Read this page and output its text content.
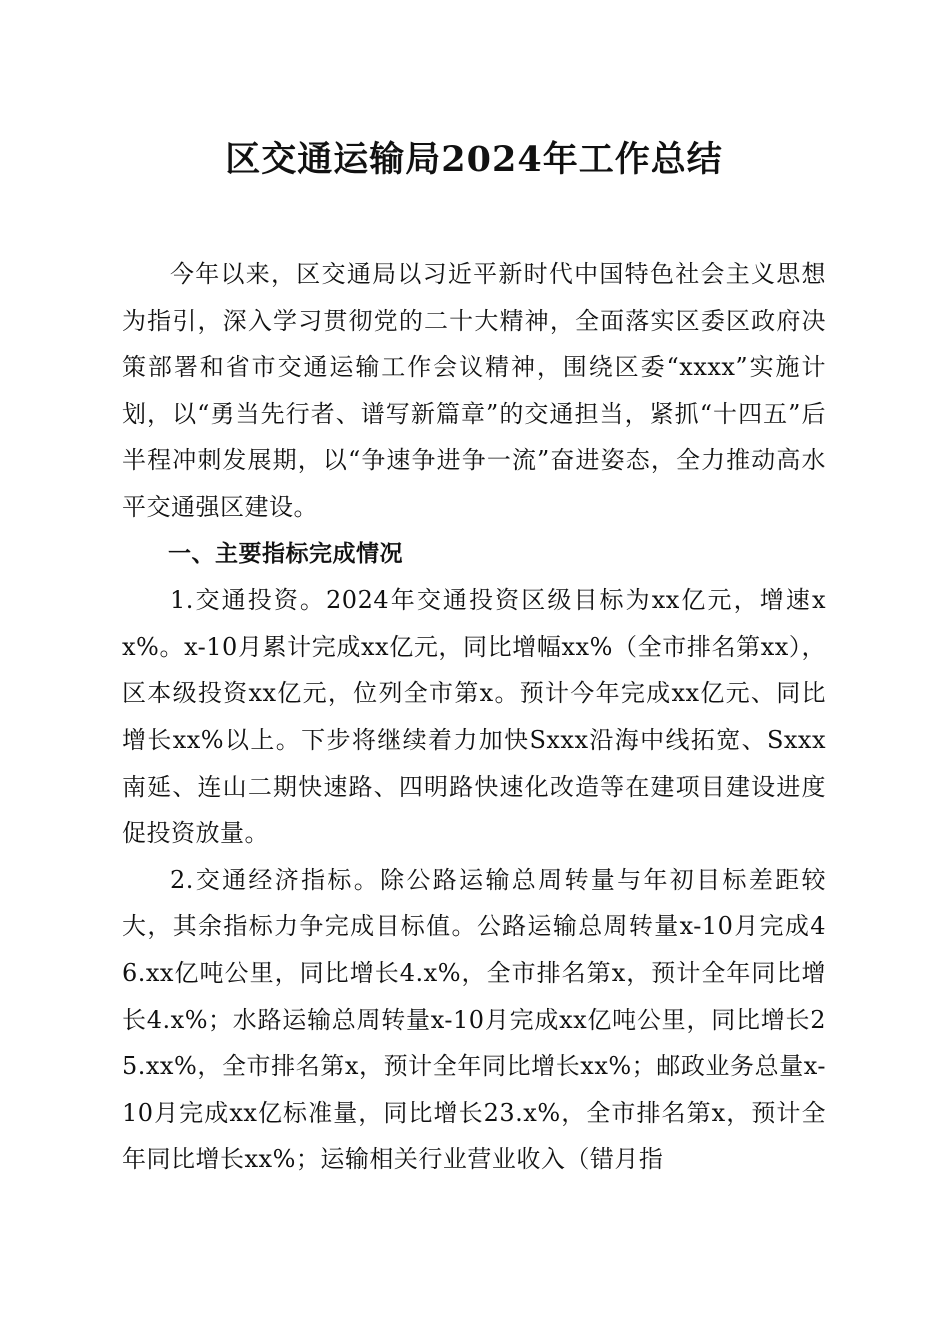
区交通运输局2024年工作总结

今年以来，区交通局以习近平新时代中国特色社会主义思想为指引，深入学习贯彻党的二十大精神，全面落实区委区政府决策部署和省市交通运输工作会议精神，围绕区委“xxxx”实施计划，以“勇当先行者、谱写新篇章”的交通担当，紧抓“十四五”后半程冲刺发展期，以“争速争进争一流”奋进姿态，全力推动高水平交通强区建设。

一、主要指标完成情况

1.交通投资。2024年交通投资区级目标为xx亿元，增速xx%。x-10月累计完成xx亿元，同比增幅xx%（全市排名第xx），区本级投资xx亿元，位列全市第x。预计今年完成xx亿元、同比增长xx%以上。下步将继续着力加快Sxxx沿海中线拓宽、Sxxx南延、连山二期快速路、四明路快速化改造等在建项目建设进度促投资放量。

2.交通经济指标。除公路运输总周转量与年初目标差距较大，其余指标力争完成目标值。公路运输总周转量x-10月完成46.xx亿吨公里，同比增长4.x%，全市排名第x，预计全年同比增长4.x%；水路运输总周转量x-10月完成xx亿吨公里，同比增长25.xx%，全市排名第x，预计全年同比增长xx%；邮政业务总量x-10月完成xx亿标准量，同比增长23.x%，全市排名第x，预计全年同比增长xx%；运输相关行业营业收入（错月指
